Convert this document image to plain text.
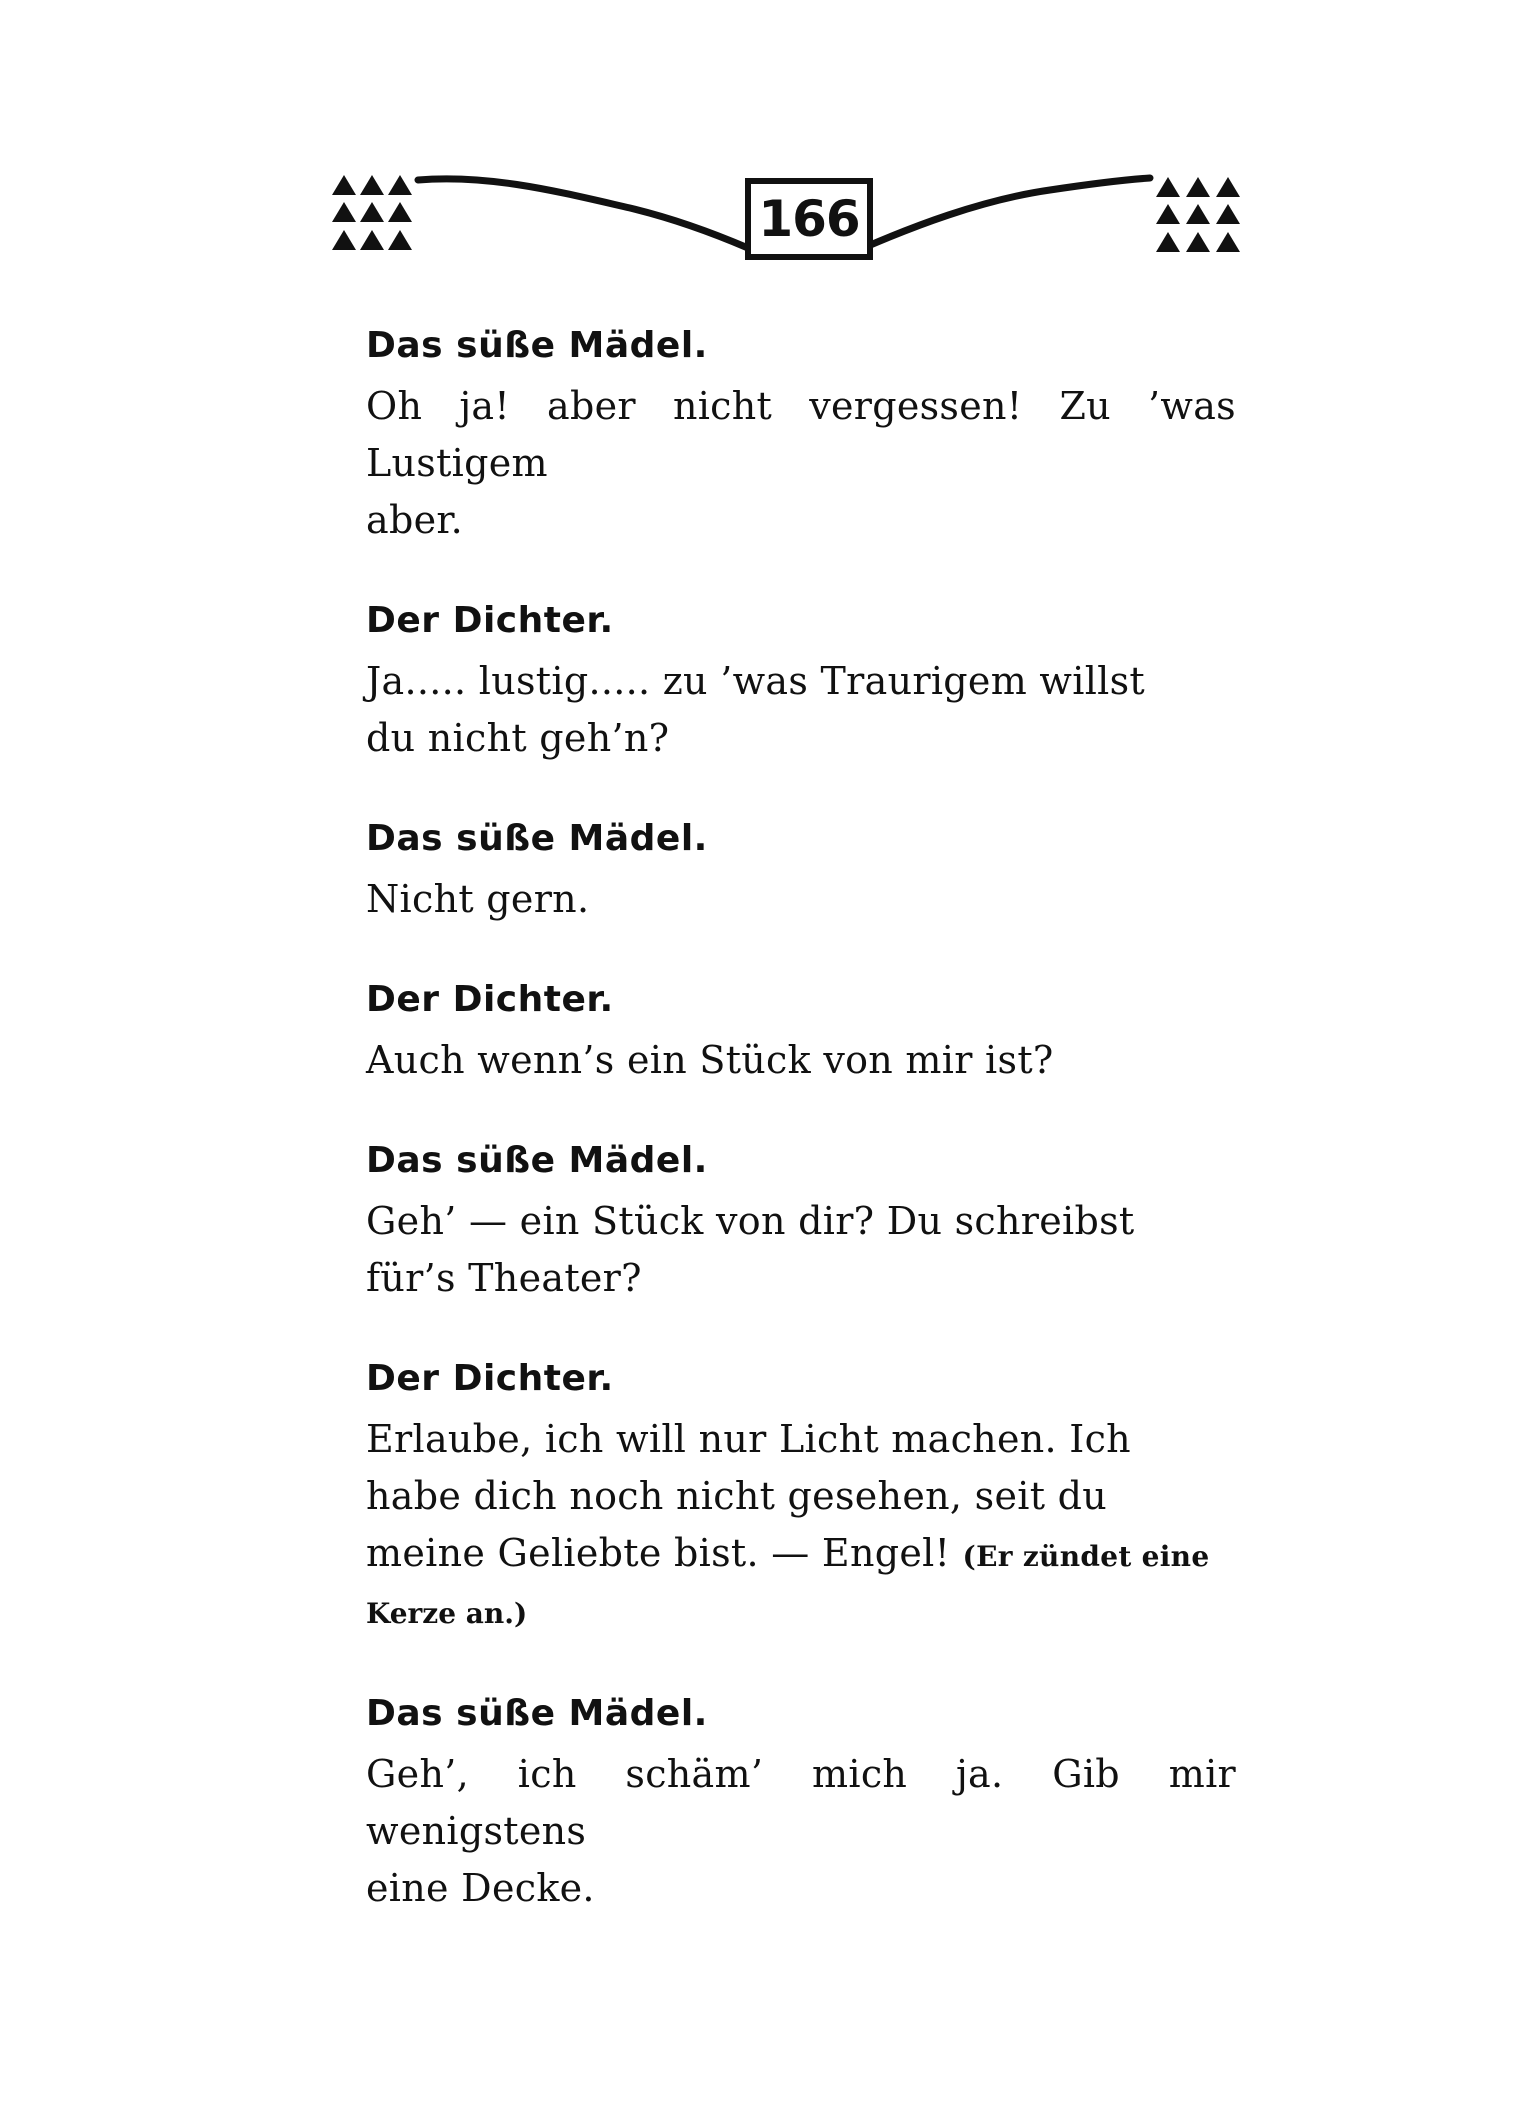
166

Das süße Mädel.

Oh ja! aber nicht vergessen! Zu ’was Lustigem

aber.

Der Dichter.

Ja..... lustig..... zu ’was Traurigem willst

du nicht geh’n?

Das süße Mädel.

Nicht gern.

Der Dichter.

Auch wenn’s ein Stück von mir ist?

Das süße Mädel.

Geh’ — ein Stück von dir? Du schreibst

für’s Theater?

Der Dichter.

Erlaube, ich will nur Licht machen. Ich

habe dich noch nicht gesehen, seit du

meine Geliebte bist. — Engel! (Er zündet eine

Kerze an.)

Das süße Mädel.

Geh’, ich schäm’ mich ja. Gib mir wenigstens

eine Decke.
